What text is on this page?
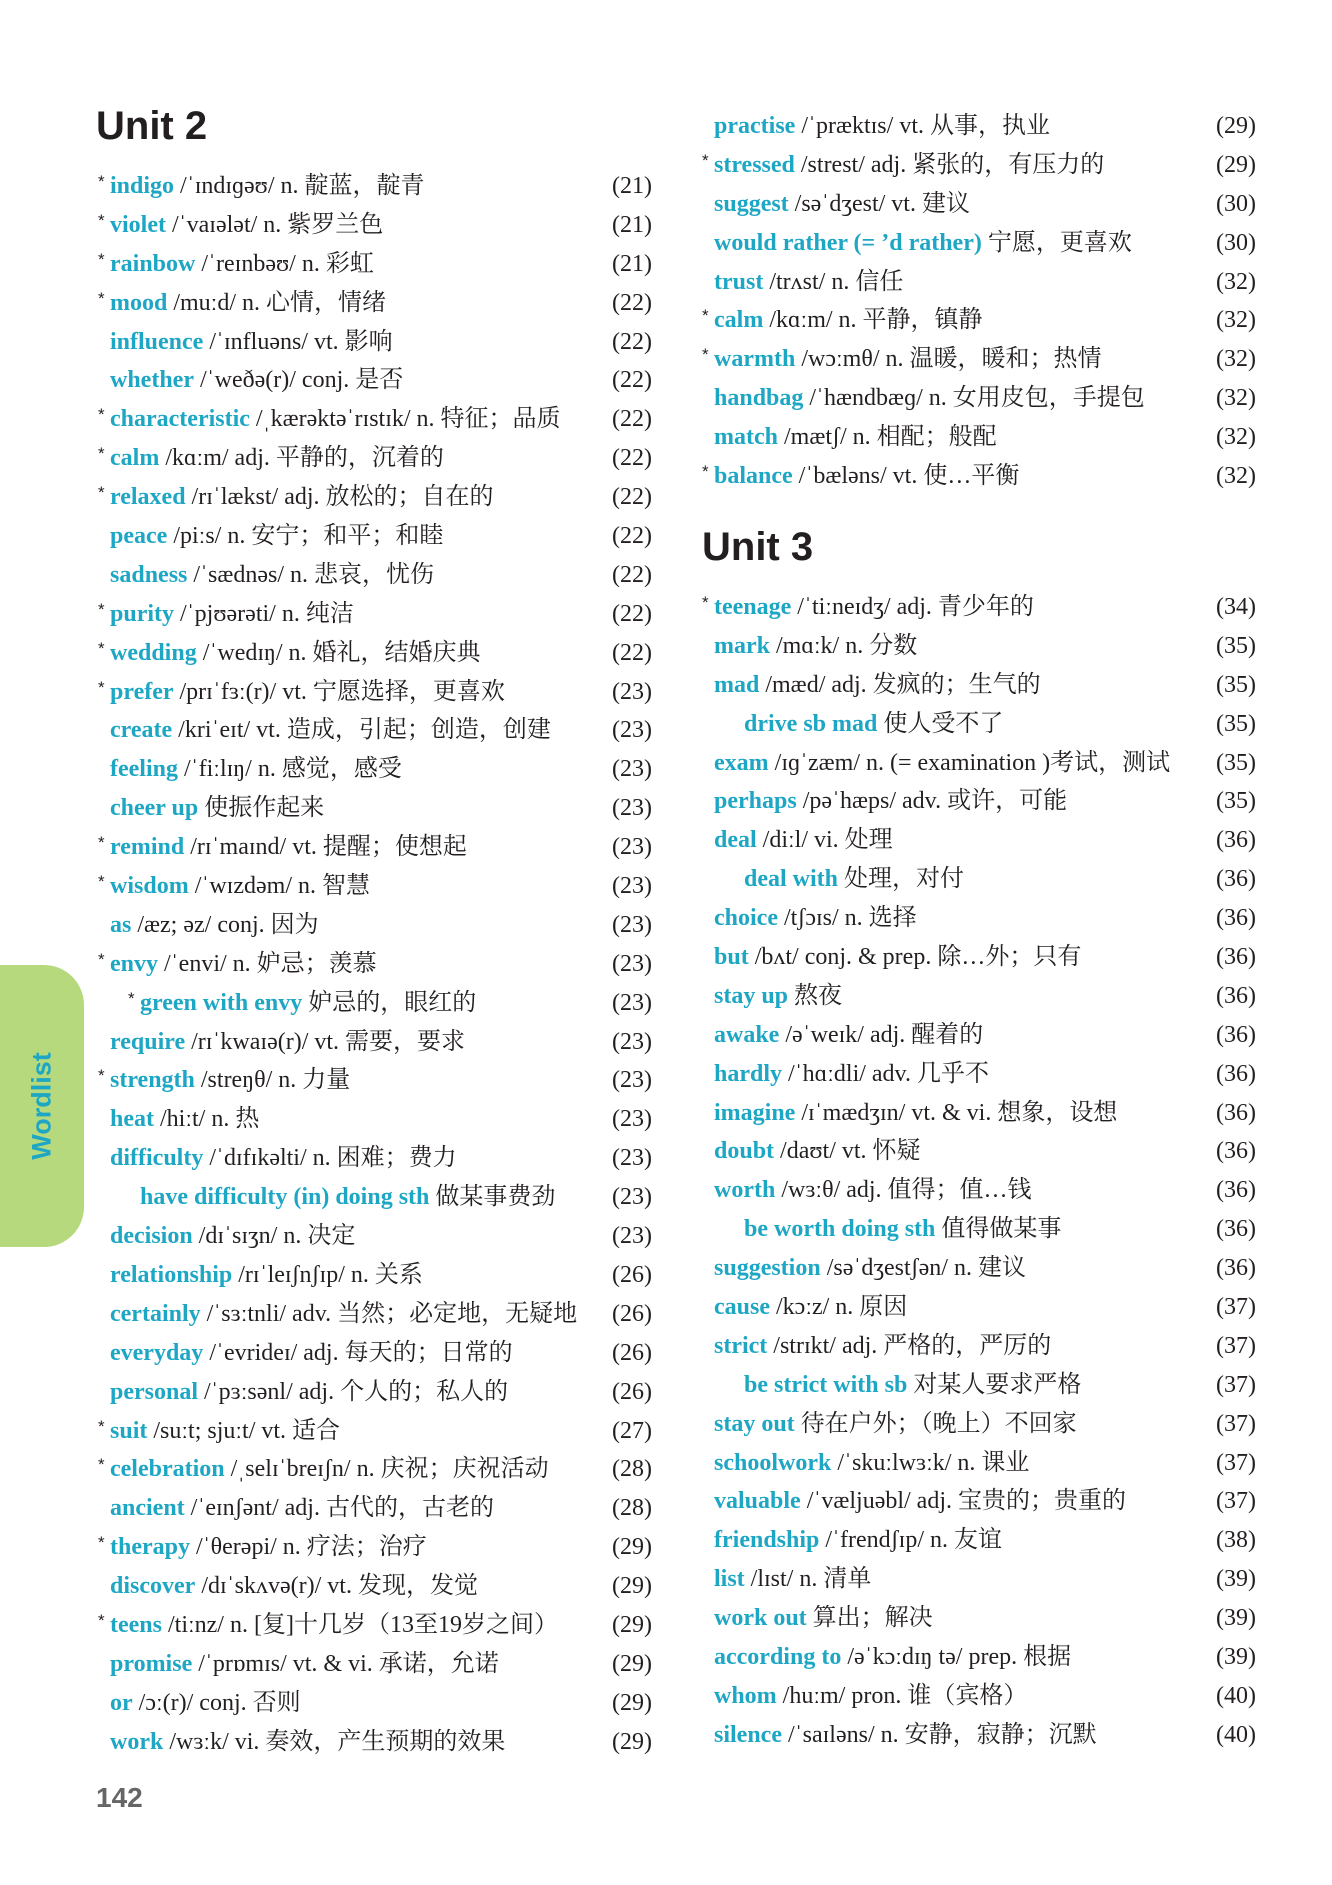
Unit 2
* indigo /ˈɪndɪɡəʊ/ n. 靛蓝，靛青	(21)
* violet /ˈvaɪələt/ n. 紫罗兰色	(21)
* rainbow /ˈreɪnbəʊ/ n. 彩虹	(21)
* mood /muːd/ n. 心情，情绪	(22)
influence /ˈɪnfluəns/ vt. 影响	(22)
whether /ˈweðə(r)/ conj. 是否	(22)
* characteristic /ˌkærəktəˈrɪstɪk/ n. 特征；品质 (22)
* calm /kɑːm/ adj. 平静的，沉着的	(22)
* relaxed /rɪˈlækst/ adj. 放松的；自在的	(22)
peace /piːs/ n. 安宁；和平；和睦	(22)
sadness /ˈsædnəs/ n. 悲哀，忧伤	(22)
* purity /ˈpjʊərəti/ n. 纯洁	(22)
* wedding /ˈwedɪŋ/ n. 婚礼，结婚庆典	(22)
* prefer /prɪˈfɜː(r)/ vt. 宁愿选择，更喜欢	(23)
create /kriˈeɪt/ vt. 造成，引起；创造，创建	(23)
feeling /ˈfiːlɪŋ/ n. 感觉，感受	(23)
cheer up 使振作起来	(23)
* remind /rɪˈmaɪnd/ vt. 提醒；使想起	(23)
* wisdom /ˈwɪzdəm/ n. 智慧	(23)
as /æz; əz/ conj. 因为	(23)
* envy /ˈenvi/ n. 妒忌；羡慕	(23)
* green with envy 妒忌的，眼红的	(23)
require /rɪˈkwaɪə(r)/ vt. 需要，要求	(23)
* strength /streŋθ/ n. 力量	(23)
heat /hiːt/ n. 热	(23)
difficulty /ˈdɪfɪkəlti/ n. 困难；费力	(23)
have difficulty (in) doing sth 做某事费劲 (23)
decision /dɪˈsɪʒn/ n. 决定	(23)
relationship /rɪˈleɪʃnʃɪp/ n. 关系	(26)
certainly /ˈsɜːtnli/ adv. 当然；必定地，无疑地 (26)
everyday /ˈevrideɪ/ adj. 每天的；日常的	(26)
personal /ˈpɜːsənl/ adj. 个人的；私人的	(26)
* suit /suːt; sjuːt/ vt. 适合	(27)
* celebration /ˌselɪˈbreɪʃn/ n. 庆祝；庆祝活动	(28)
ancient /ˈeɪnʃənt/ adj. 古代的，古老的	(28)
* therapy /ˈθerəpi/ n. 疗法；治疗	(29)
discover /dɪˈskʌvə(r)/ vt. 发现，发觉	(29)
* teens /tiːnz/ n. [复]十几岁（13至19岁之间） (29)
promise /ˈprɒmɪs/ vt. & vi. 承诺，允诺	(29)
or /ɔː(r)/ conj. 否则	(29)
work /wɜːk/ vi. 奏效，产生预期的效果	(29)
practise /ˈpræktɪs/ vt. 从事，执业	(29)
* stressed /strest/ adj. 紧张的，有压力的	(29)
suggest /səˈdʒest/ vt. 建议	(30)
would rather (= ’d rather) 宁愿，更喜欢	(30)
trust /trʌst/ n. 信任	(32)
* calm /kɑːm/ n. 平静，镇静	(32)
* warmth /wɔːmθ/ n. 温暖，暖和；热情	(32)
handbag /ˈhændbæɡ/ n. 女用皮包，手提包	(32)
match /mætʃ/ n. 相配；般配	(32)
* balance /ˈbæləns/ vt. 使…平衡	(32)
Unit 3
* teenage /ˈtiːneɪdʒ/ adj. 青少年的	(34)
mark /mɑːk/ n. 分数	(35)
mad /mæd/ adj. 发疯的；生气的	(35)
drive sb mad 使人受不了	(35)
exam /ɪɡˈzæm/ n. (= examination )考试，测试 (35)
perhaps /pəˈhæps/ adv. 或许，可能	(35)
deal /diːl/ vi. 处理	(36)
deal with 处理，对付	(36)
choice /tʃɔɪs/ n. 选择	(36)
but /bʌt/ conj. & prep. 除…外；只有	(36)
stay up 熬夜	(36)
awake /əˈweɪk/ adj. 醒着的	(36)
hardly /ˈhɑːdli/ adv. 几乎不	(36)
imagine /ɪˈmædʒɪn/ vt. & vi. 想象，设想	(36)
doubt /daʊt/ vt. 怀疑	(36)
worth /wɜːθ/ adj. 值得；值…钱	(36)
be worth doing sth 值得做某事	(36)
suggestion /səˈdʒestʃən/ n. 建议	(36)
cause /kɔːz/ n. 原因	(37)
strict /strɪkt/ adj. 严格的，严厉的	(37)
be strict with sb 对某人要求严格	(37)
stay out 待在户外；（晚上）不回家	(37)
schoolwork /ˈskuːlwɜːk/ n. 课业	(37)
valuable /ˈvæljuəbl/ adj. 宝贵的；贵重的	(37)
friendship /ˈfrendʃɪp/ n. 友谊	(38)
list /lɪst/ n. 清单	(39)
work out 算出；解决	(39)
according to /əˈkɔːdɪŋ tə/ prep. 根据	(39)
whom /huːm/ pron. 谁（宾格）	(40)
silence /ˈsaɪləns/ n. 安静，寂静；沉默	(40)
Wordlist
142
